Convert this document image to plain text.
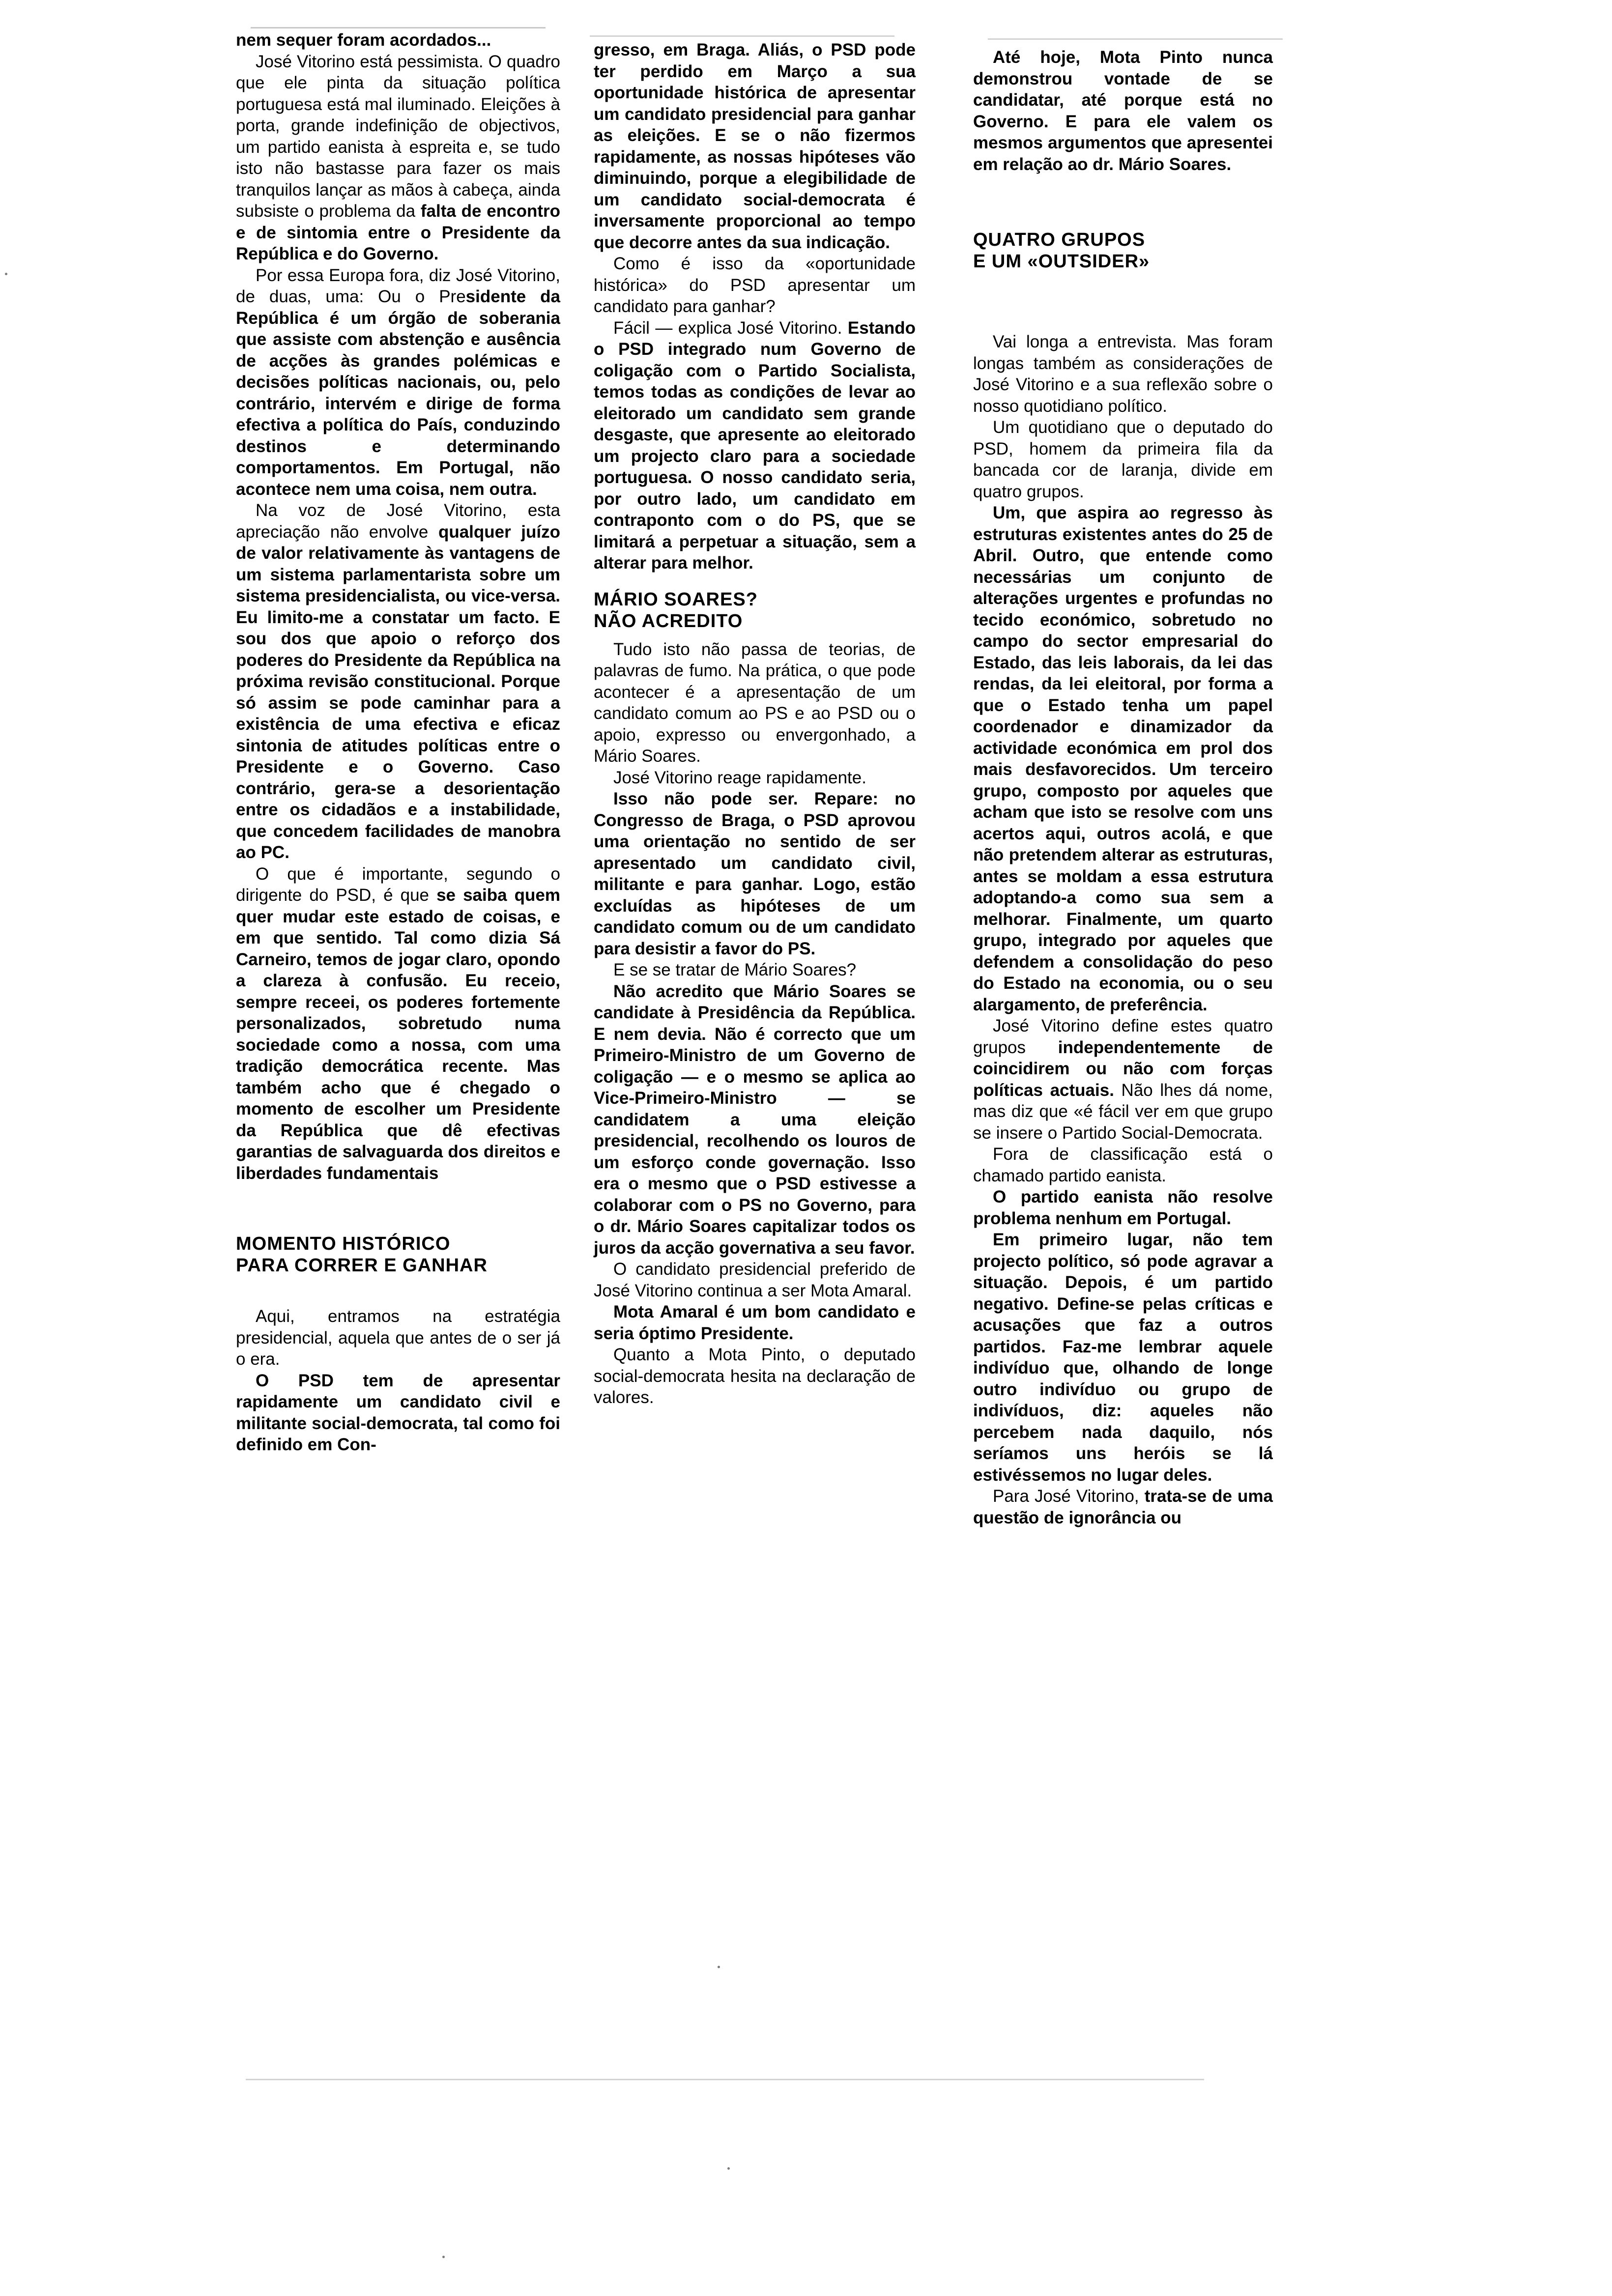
nem sequer foram acordados...

José Vitorino está pessimista. O quadro que ele pinta da situação política portuguesa está mal iluminado. Eleições à porta, grande indefinição de objectivos, um partido eanista à espreita e, se tudo isto não bastasse para fazer os mais tranquilos lançar as mãos à cabeça, ainda subsiste o problema da falta de encontro e de sintomia entre o Presidente da República e do Governo.

Por essa Europa fora, diz José Vitorino, de duas, uma: Ou o Presidente da República é um órgão de soberania que assiste com abstenção e ausência de acções às grandes polémicas e decisões políticas nacionais, ou, pelo contrário, intervém e dirige de forma efectiva a política do País, conduzindo destinos e determinando comportamentos. Em Portugal, não acontece nem uma coisa, nem outra.

Na voz de José Vitorino, esta apreciação não envolve qualquer juízo de valor relativamente às vantagens de um sistema parlamentarista sobre um sistema presidencialista, ou vice-versa. Eu limito-me a constatar um facto. E sou dos que apoio o reforço dos poderes do Presidente da República na próxima revisão constitucional. Porque só assim se pode caminhar para a existência de uma efectiva e eficaz sintonia de atitudes políticas entre o Presidente e o Governo. Caso contrário, gera-se a desorientação entre os cidadãos e a instabilidade, que concedem facilidades de manobra ao PC.

O que é importante, segundo o dirigente do PSD, é que se saiba quem quer mudar este estado de coisas, e em que sentido. Tal como dizia Sá Carneiro, temos de jogar claro, opondo a clareza à confusão. Eu receio, sempre receei, os poderes fortemente personalizados, sobretudo numa sociedade como a nossa, com uma tradição democrática recente. Mas também acho que é chegado o momento de escolher um Presidente da República que dê efectivas garantias de salvaguarda dos direitos e liberdades fundamentais

MOMENTO HISTÓRICO
PARA CORRER E GANHAR

Aqui, entramos na estratégia presidencial, aquela que antes de o ser já o era.

O PSD tem de apresentar rapidamente um candidato civil e militante social-democrata, tal como foi definido em Con-

gresso, em Braga. Aliás, o PSD pode ter perdido em Março a sua oportunidade histórica de apresentar um candidato presidencial para ganhar as eleições. E se o não fizermos rapidamente, as nossas hipóteses vão diminuindo, porque a elegibilidade de um candidato social-democrata é inversamente proporcional ao tempo que decorre antes da sua indicação.

Como é isso da «oportunidade histórica» do PSD apresentar um candidato para ganhar?

Fácil — explica José Vitorino. Estando o PSD integrado num Governo de coligação com o Partido Socialista, temos todas as condições de levar ao eleitorado um candidato sem grande desgaste, que apresente ao eleitorado um projecto claro para a sociedade portuguesa. O nosso candidato seria, por outro lado, um candidato em contraponto com o do PS, que se limitará a perpetuar a situação, sem a alterar para melhor.

MÁRIO SOARES?
NÃO ACREDITO

Tudo isto não passa de teorias, de palavras de fumo. Na prática, o que pode acontecer é a apresentação de um candidato comum ao PS e ao PSD ou o apoio, expresso ou envergonhado, a Mário Soares.

José Vitorino reage rapidamente.

Isso não pode ser. Repare: no Congresso de Braga, o PSD aprovou uma orientação no sentido de ser apresentado um candidato civil, militante e para ganhar. Logo, estão excluídas as hipóteses de um candidato comum ou de um candidato para desistir a favor do PS.

E se se tratar de Mário Soares?

Não acredito que Mário Soares se candidate à Presidência da República. E nem devia. Não é correcto que um Primeiro-Ministro de um Governo de coligação — e o mesmo se aplica ao Vice-Primeiro-Ministro — se candidatem a uma eleição presidencial, recolhendo os louros de um esforço conde governação. Isso era o mesmo que o PSD estivesse a colaborar com o PS no Governo, para o dr. Mário Soares capitalizar todos os juros da acção governativa a seu favor.

O candidato presidencial preferido de José Vitorino continua a ser Mota Amaral.

Mota Amaral é um bom candidato e seria óptimo Presidente.

Quanto a Mota Pinto, o deputado social-democrata hesita na declaração de valores.

Até hoje, Mota Pinto nunca demonstrou vontade de se candidatar, até porque está no Governo. E para ele valem os mesmos argumentos que apresentei em relação ao dr. Mário Soares.

QUATRO GRUPOS
E UM «OUTSIDER»

Vai longa a entrevista. Mas foram longas também as considerações de José Vitorino e a sua reflexão sobre o nosso quotidiano político.

Um quotidiano que o deputado do PSD, homem da primeira fila da bancada cor de laranja, divide em quatro grupos.

Um, que aspira ao regresso às estruturas existentes antes do 25 de Abril. Outro, que entende como necessárias um conjunto de alterações urgentes e profundas no tecido económico, sobretudo no campo do sector empresarial do Estado, das leis laborais, da lei das rendas, da lei eleitoral, por forma a que o Estado tenha um papel coordenador e dinamizador da actividade económica em prol dos mais desfavorecidos. Um terceiro grupo, composto por aqueles que acham que isto se resolve com uns acertos aqui, outros acolá, e que não pretendem alterar as estruturas, antes se moldam a essa estrutura adoptando-a como sua sem a melhorar. Finalmente, um quarto grupo, integrado por aqueles que defendem a consolidação do peso do Estado na economia, ou o seu alargamento, de preferência.

José Vitorino define estes quatro grupos independentemente de coincidirem ou não com forças políticas actuais. Não lhes dá nome, mas diz que «é fácil ver em que grupo se insere o Partido Social-Democrata.

Fora de classificação está o chamado partido eanista.

O partido eanista não resolve problema nenhum em Portugal.

Em primeiro lugar, não tem projecto político, só pode agravar a situação. Depois, é um partido negativo. Define-se pelas críticas e acusações que faz a outros partidos. Faz-me lembrar aquele indivíduo que, olhando de longe outro indivíduo ou grupo de indivíduos, diz: aqueles não percebem nada daquilo, nós seríamos uns heróis se lá estivéssemos no lugar deles.

Para José Vitorino, trata-se de uma questão de ignorância ou
